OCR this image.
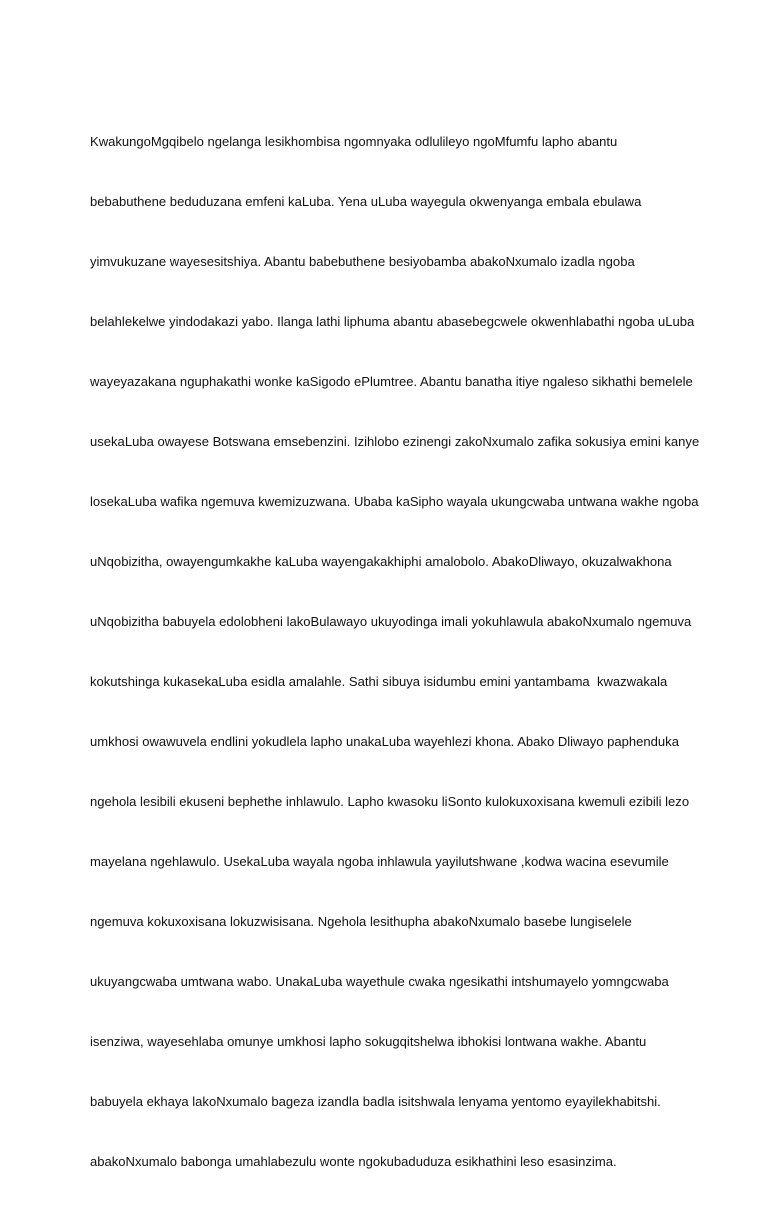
KwakungoMgqibelo ngelanga lesikhombisa ngomnyaka odlulileyo ngoMfumfu lapho abantu

bebabuthene beduduzana emfeni kaLuba. Yena uLuba wayegula okwenyanga embala ebulawa

yimvukuzane wayesesitshiya. Abantu babebuthene besiyobamba abakoNxumalo izadla ngoba

belahlekelwe yindodakazi yabo. Ilanga lathi liphuma abantu abasebegcwele okwenhlabathi ngoba uLuba

wayeyazakana nguphakathi wonke kaSigodo ePlumtree. Abantu banatha itiye ngaleso sikhathi bemelele

usekaLuba owayese Botswana emsebenzini. Izihlobo ezinengi zakoNxumalo zafika sokusiya emini kanye

losekaLuba wafika ngemuva kwemizuzwana. Ubaba kaSipho wayala ukungcwaba untwana wakhe ngoba

uNqobizitha, owayengumkakhe kaLuba wayengakakhiphi amalobolo. AbakoDliwayo, okuzalwakhona

uNqobizitha babuyela edolobheni lakoBulawayo ukuyodinga imali yokuhlawula abakoNxumalo ngemuva

kokutshinga kukasekaLuba esidla amalahle. Sathi sibuya isidumbu emini yantambama  kwazwakala

umkhosi owawuvela endlini yokudlela lapho unakaLuba wayehlezi khona. Abako Dliwayo paphenduka

ngehola lesibili ekuseni bephethe inhlawulo. Lapho kwasoku liSonto kulokuxoxisana kwemuli ezibili lezo

mayelana ngehlawulo. UsekaLuba wayala ngoba inhlawula yayilutshwane ,kodwa wacina esevumile

ngemuva kokuxoxisana lokuzwisisana. Ngehola lesithupha abakoNxumalo basebe lungiselele

ukuyangcwaba umtwana wabo. UnakaLuba wayethule cwaka ngesikathi intshumayelo yomngcwaba

isenziwa, wayesehlaba omunye umkhosi lapho sokugqitshelwa ibhokisi lontwana wakhe. Abantu

babuyela ekhaya lakoNxumalo bageza izandla badla isitshwala lenyama yentomo eyayilekhabitshi.

abakoNxumalo babonga umahlabezulu wonte ngokubaduduza esikhathini leso esasinzima.
